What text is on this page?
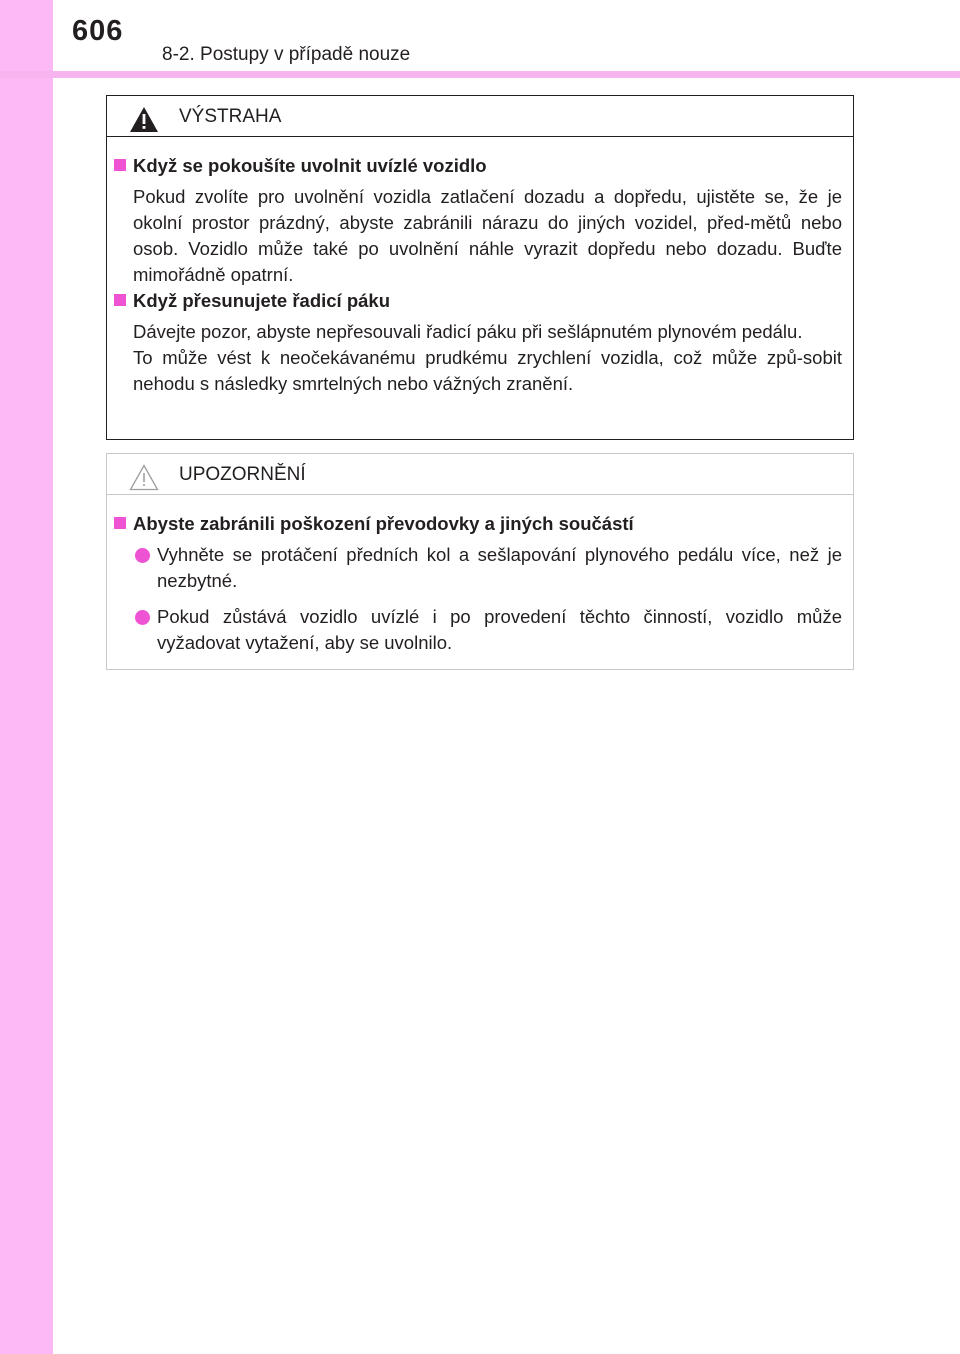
606
8-2. Postupy v případě nouze
VÝSTRAHA
Když se pokoušíte uvolnit uvízlé vozidlo
Pokud zvolíte pro uvolnění vozidla zatlačení dozadu a dopředu, ujistěte se, že je okolní prostor prázdný, abyste zabránili nárazu do jiných vozidel, před-mětů nebo osob. Vozidlo může také po uvolnění náhle vyrazit dopředu nebo dozadu. Buďte mimořádně opatrní.
Když přesunujete řadicí páku
Dávejte pozor, abyste nepřesouvali řadicí páku při sešlápnutém plynovém pedálu.
To může vést k neočekávanému prudkému zrychlení vozidla, což může způ-sobit nehodu s následky smrtelných nebo vážných zranění.
UPOZORNĚNÍ
Abyste zabránili poškození převodovky a jiných součástí
Vyhněte se protáčení předních kol a sešlapování plynového pedálu více, než je nezbytné.
Pokud zůstává vozidlo uvízlé i po provedení těchto činností, vozidlo může vyžadovat vytažení, aby se uvolnilo.
